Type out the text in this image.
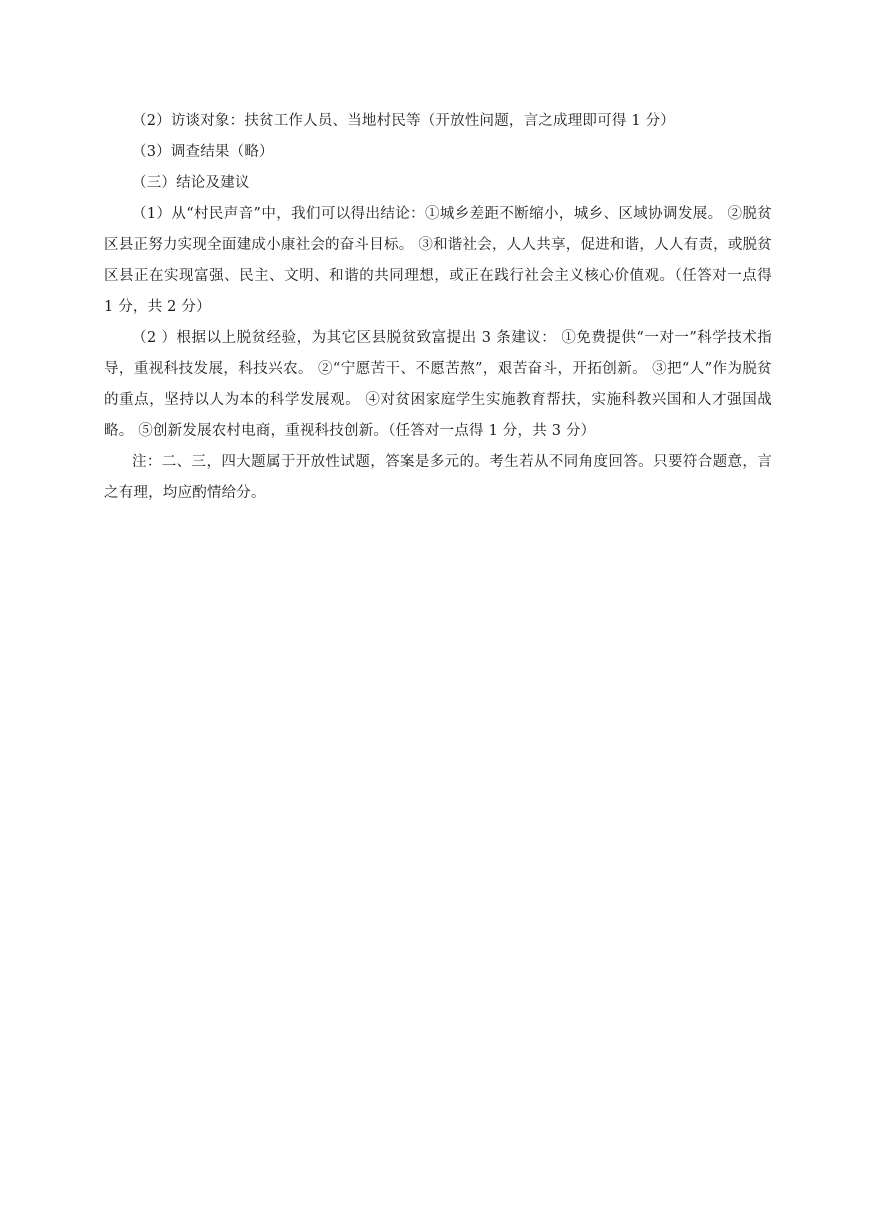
（2）访谈对象：扶贫工作人员、当地村民等（开放性问题，言之成理即可得 1 分）

（3）调查结果（略）

（三）结论及建议

（1）从“村民声音”中，我们可以得出结论：①城乡差距不断缩小，城乡、区域协调发展。 ②脱贫区县正努力实现全面建成小康社会的奋斗目标。 ③和谐社会，人人共享，促进和谐，人人有责，或脱贫区县正在实现富强、民主、文明、和谐的共同理想，或正在践行社会主义核心价值观。（任答对一点得 1 分，共 2 分）

（2 ）根据以上脱贫经验，为其它区县脱贫致富提出 3 条建议： ①免费提供“一对一”科学技术指导，重视科技发展，科技兴农。 ②“宁愿苦干、不愿苦熬”，艰苦奋斗，开拓创新。 ③把“人”作为脱贫的重点，坚持以人为本的科学发展观。 ④对贫困家庭学生实施教育帮扶，实施科教兴国和人才强国战略。 ⑤创新发展农村电商，重视科技创新。（任答对一点得 1 分，共 3 分）

注：二、三，四大题属于开放性试题，答案是多元的。考生若从不同角度回答。只要符合题意，言之有理，均应酌情给分。
